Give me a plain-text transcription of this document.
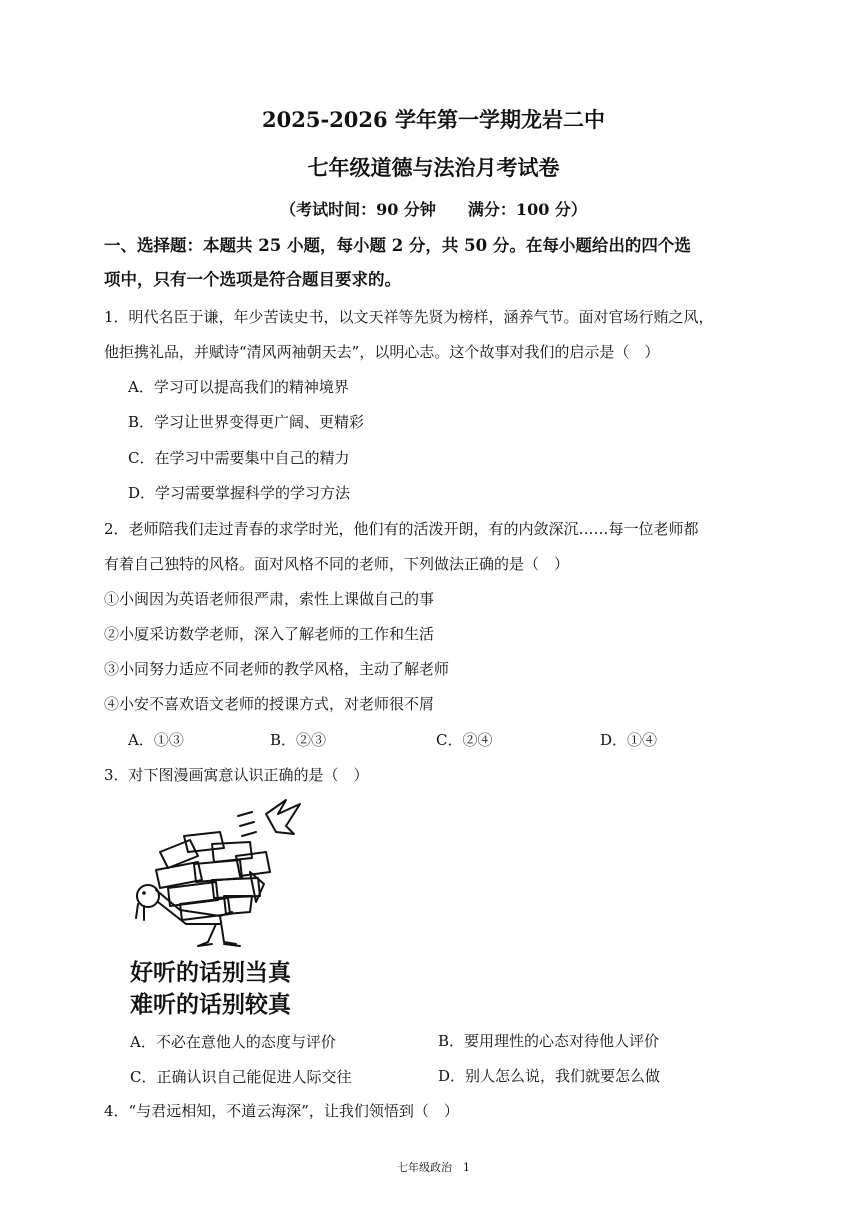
2025-2026 学年第一学期龙岩二中
七年级道德与法治月考试卷
（考试时间：90 分钟　　满分：100 分）
一、选择题：本题共 25 小题，每小题 2 分，共 50 分。在每小题给出的四个选
项中，只有一个选项是符合题目要求的。
1．明代名臣于谦，年少苦读史书，以文天祥等先贤为榜样，涵养气节。面对官场行贿之风，
他拒携礼品，并赋诗“清风两袖朝天去”，以明心志。这个故事对我们的启示是（　）
A．学习可以提高我们的精神境界
B．学习让世界变得更广阔、更精彩
C．在学习中需要集中自己的精力
D．学习需要掌握科学的学习方法
2．老师陪我们走过青春的求学时光，他们有的活泼开朗，有的内敛深沉……每一位老师都
有着自己独特的风格。面对风格不同的老师，下列做法正确的是（　）
①小闽因为英语老师很严肃，索性上课做自己的事
②小厦采访数学老师，深入了解老师的工作和生活
③小同努力适应不同老师的教学风格，主动了解老师
④小安不喜欢语文老师的授课方式，对老师很不屑
A．①③	B．②③	C．②④	D．①④
3．对下图漫画寓意认识正确的是（　）
好听的话别当真
难听的话别较真
A．不必在意他人的态度与评价	B．要用理性的心态对待他人评价
C．正确认识自己能促进人际交往	D．别人怎么说，我们就要怎么做
4．“与君远相知，不道云海深”，让我们领悟到（　）
七年级政治　1
